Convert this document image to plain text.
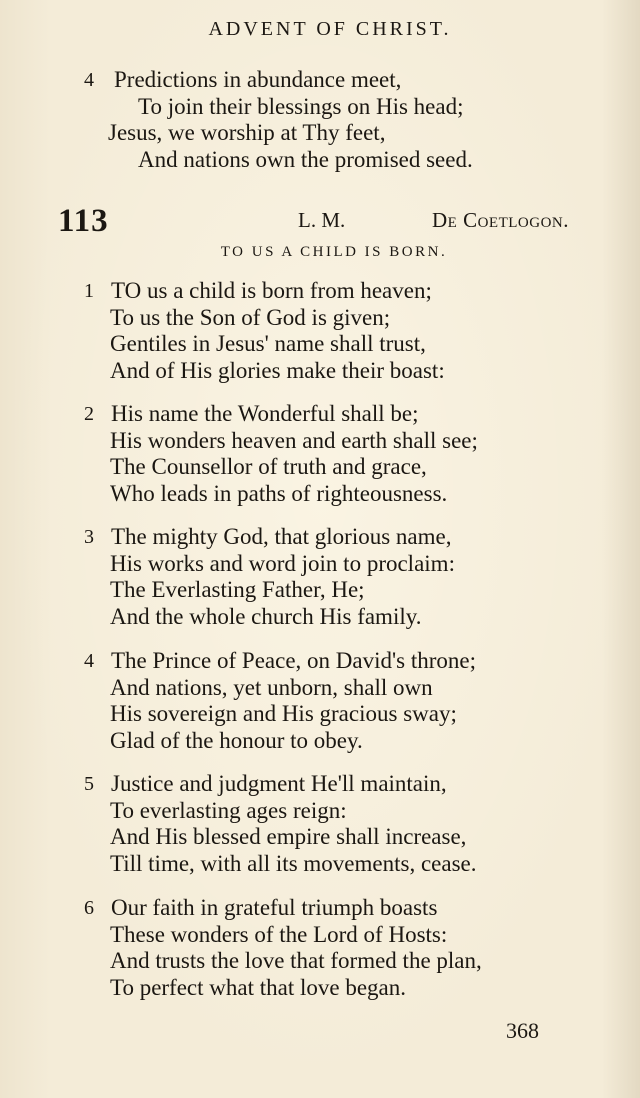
ADVENT OF CHRIST.
4 Predictions in abundance meet,
To join their blessings on His head;
Jesus, we worship at Thy feet,
And nations own the promised seed.
113	L. M.	De Coetlogon.
TO US A CHILD IS BORN.
1 TO us a child is born from heaven;
To us the Son of God is given;
Gentiles in Jesus' name shall trust,
And of His glories make their boast:
2 His name the Wonderful shall be;
His wonders heaven and earth shall see;
The Counsellor of truth and grace,
Who leads in paths of righteousness.
3 The mighty God, that glorious name,
His works and word join to proclaim:
The Everlasting Father, He;
And the whole church His family.
4 The Prince of Peace, on David's throne;
And nations, yet unborn, shall own
His sovereign and His gracious sway;
Glad of the honour to obey.
5 Justice and judgment He'll maintain,
To everlasting ages reign:
And His blessed empire shall increase,
Till time, with all its movements, cease.
6 Our faith in grateful triumph boasts
These wonders of the Lord of Hosts:
And trusts the love that formed the plan,
To perfect what that love began.
368
